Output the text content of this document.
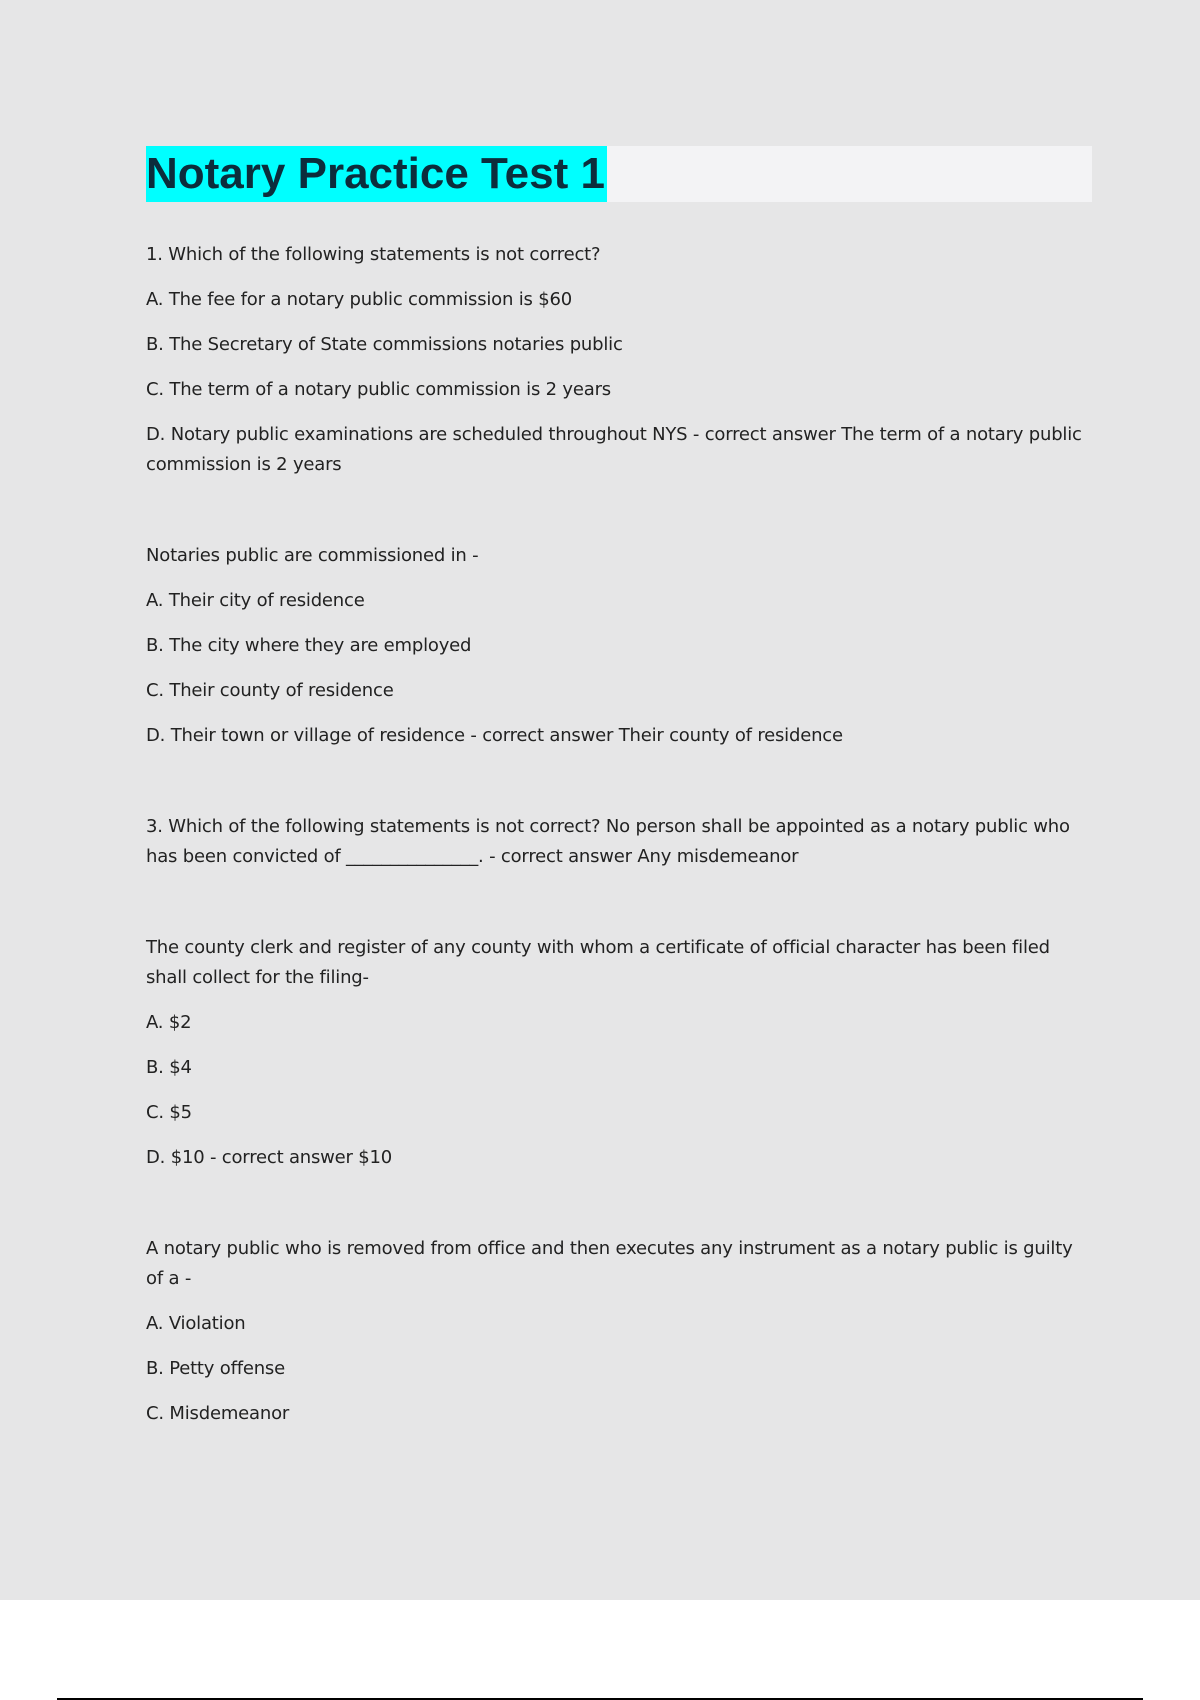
Notary Practice Test 1

1. Which of the following statements is not correct?

A. The fee for a notary public commission is $60

B. The Secretary of State commissions notaries public

C. The term of a notary public commission is 2 years

D. Notary public examinations are scheduled throughout NYS - correct answer The term of a notary public commission is 2 years

Notaries public are commissioned in -

A. Their city of residence

B. The city where they are employed

C. Their county of residence

D. Their town or village of residence - correct answer Their county of residence

3. Which of the following statements is not correct? No person shall be appointed as a notary public who has been convicted of _______________. - correct answer Any misdemeanor

The county clerk and register of any county with whom a certificate of official character has been filed shall collect for the filing-

A. $2

B. $4

C. $5

D. $10 - correct answer $10

A notary public who is removed from office and then executes any instrument as a notary public is guilty of a -

A. Violation

B. Petty offense

C. Misdemeanor
